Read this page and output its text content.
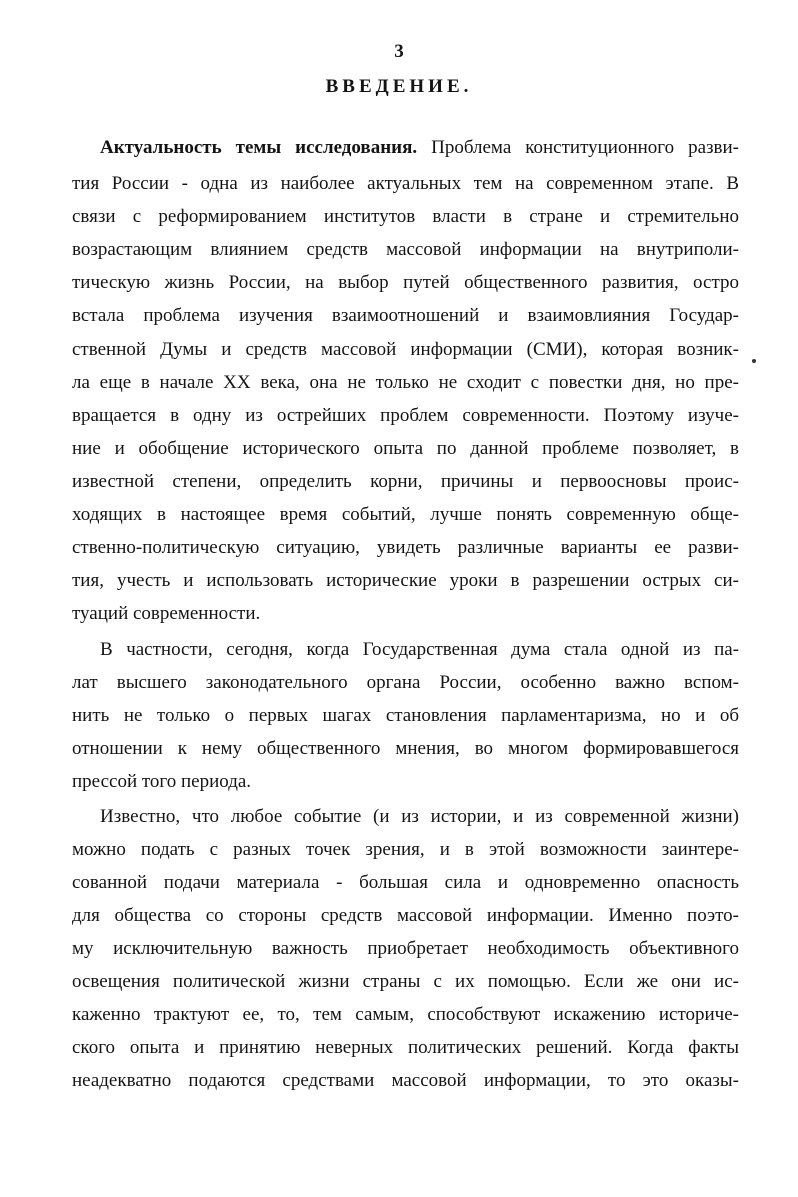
3
ВВЕДЕНИЕ.
Актуальность темы исследования. Проблема конституционного разви-
тия России - одна из наиболее актуальных тем на современном этапе. В
связи с реформированием институтов власти в стране и стремительно
возрастающим влиянием средств массовой информации на внутриполи-
тическую жизнь России, на выбор путей общественного развития, остро
встала проблема изучения взаимоотношений и взаимовлияния Государ-
ственной Думы и средств массовой информации (СМИ), которая возник-
ла еще в начале XX века, она не только не сходит с повестки дня, но пре-
вращается в одну из острейших проблем современности. Поэтому изуче-
ние и обобщение исторического опыта по данной проблеме позволяет, в
известной степени, определить корни, причины и первоосновы проис-
ходящих в настоящее время событий, лучше понять современную обще-
ственно-политическую ситуацию, увидеть различные варианты ее разви-
тия, учесть и использовать исторические уроки в разрешении острых си-
туаций современности.
В частности, сегодня, когда Государственная дума стала одной из па-
лат высшего законодательного органа России, особенно важно вспом-
нить не только о первых шагах становления парламентаризма, но и об
отношении к нему общественного мнения, во многом формировавшегося
прессой того периода.
Известно, что любое событие (и из истории, и из современной жизни)
можно подать с разных точек зрения, и в этой возможности заинтере-
сованной подачи материала - большая сила и одновременно опасность
для общества со стороны средств массовой информации. Именно поэто-
му исключительную важность приобретает необходимость объективного
освещения политической жизни страны с их помощью. Если же они ис-
каженно трактуют ее, то, тем самым, способствуют искажению историче-
ского опыта и принятию неверных политических решений. Когда факты
неадекватно подаются средствами массовой информации, то это оказы-
